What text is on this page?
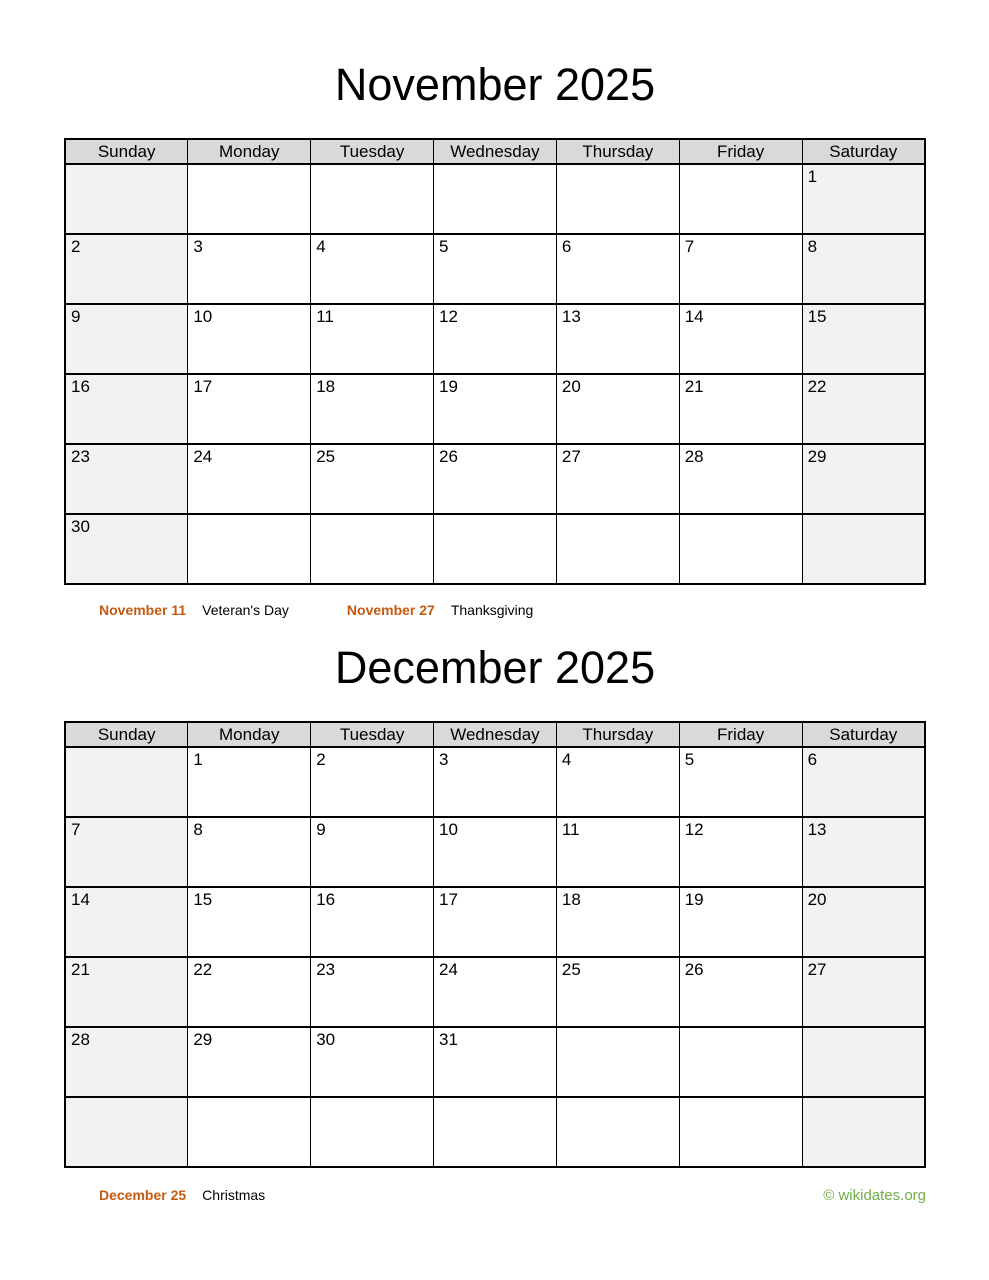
November 2025
Sunday	Monday	Tuesday	Wednesday	Thursday	Friday	Saturday
						1
2	3	4	5	6	7	8
9	10	11	12	13	14	15
16	17	18	19	20	21	22
23	24	25	26	27	28	29
30						
November 11 Veteran's Day	November 27 Thanksgiving
December 2025
Sunday	Monday	Tuesday	Wednesday	Thursday	Friday	Saturday
	1	2	3	4	5	6
7	8	9	10	11	12	13
14	15	16	17	18	19	20
21	22	23	24	25	26	27
28	29	30	31			

December 25 Christmas	© wikidates.org
